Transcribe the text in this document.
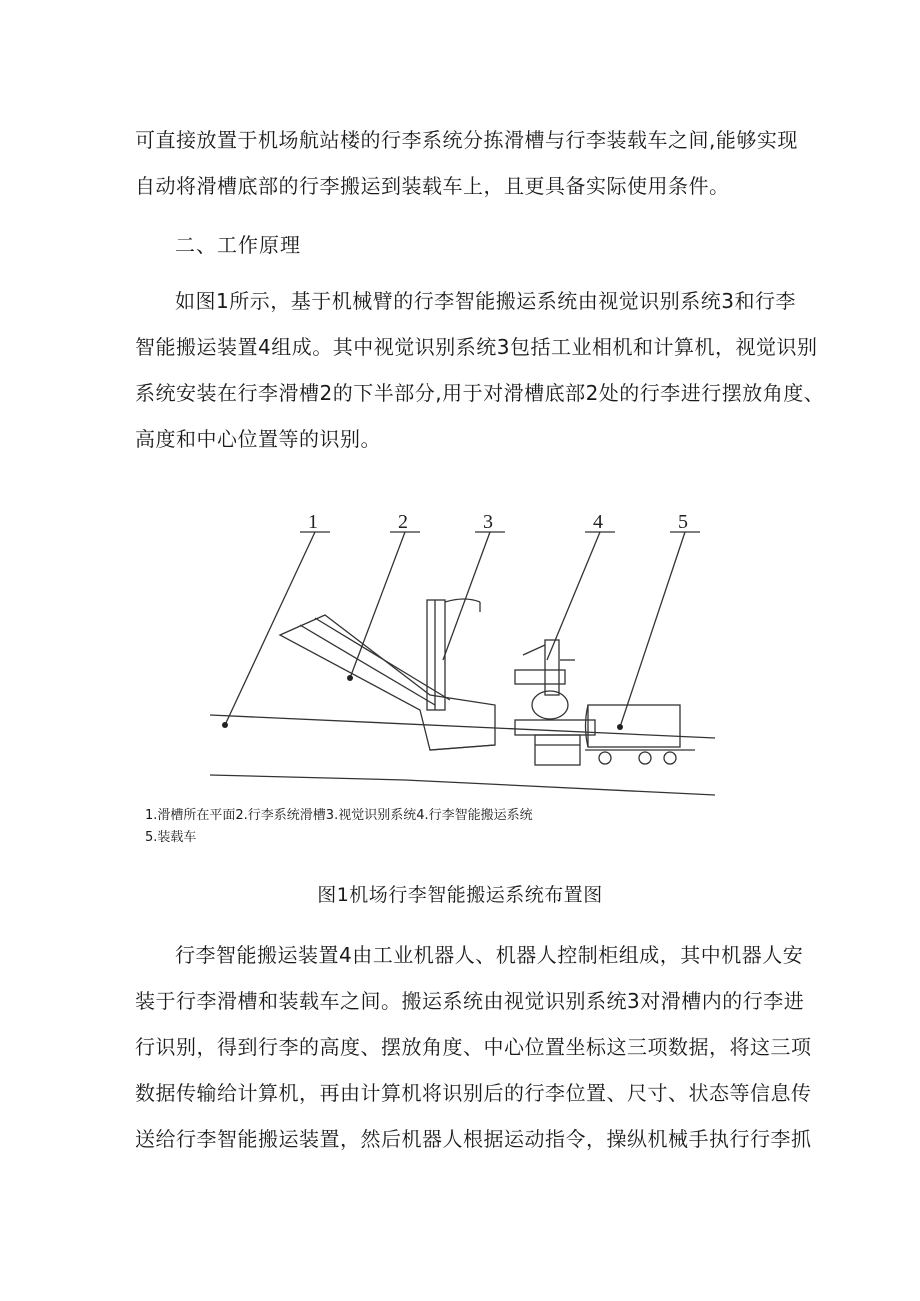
可直接放置于机场航站楼的行李系统分拣滑槽与行李装载车之间,能够实现
自动将滑槽底部的行李搬运到装载车上，且更具备实际使用条件。
二、工作原理
如图1所示，基于机械臂的行李智能搬运系统由视觉识别系统3和行李
智能搬运装置4组成。其中视觉识别系统3包括工业相机和计算机，视觉识别
系统安装在行李滑槽2的下半部分,用于对滑槽底部2处的行李进行摆放角度、
高度和中心位置等的识别。
1	2	3	4	5
1.滑槽所在平面2.行李系统滑槽3.视觉识别系统4.行李智能搬运系统
5.装载车
图1机场行李智能搬运系统布置图
行李智能搬运装置4由工业机器人、机器人控制柜组成，其中机器人安
装于行李滑槽和装载车之间。搬运系统由视觉识别系统3对滑槽内的行李进
行识别，得到行李的高度、摆放角度、中心位置坐标这三项数据，将这三项
数据传输给计算机，再由计算机将识别后的行李位置、尺寸、状态等信息传
送给行李智能搬运装置，然后机器人根据运动指令，操纵机械手执行行李抓
